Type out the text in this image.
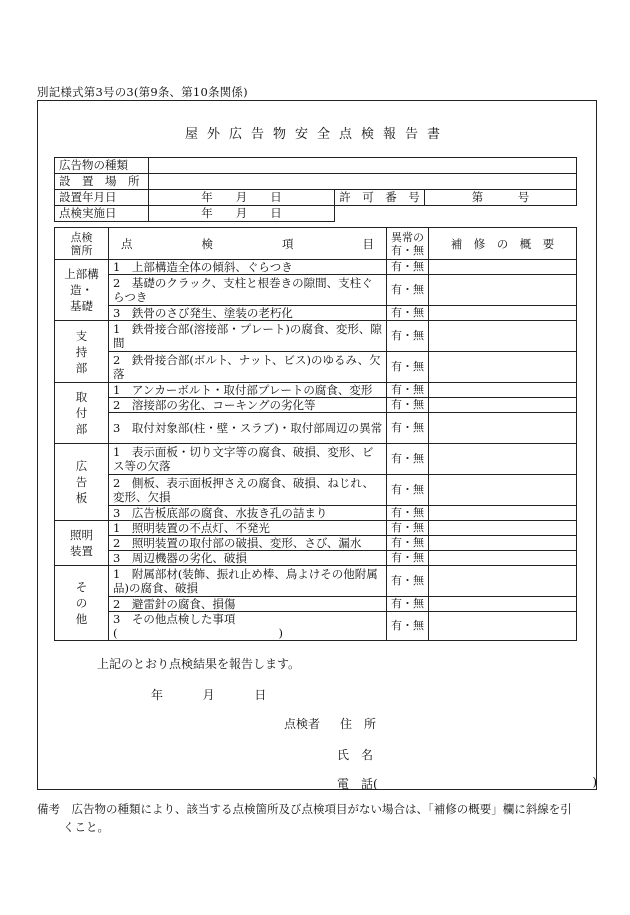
別記様式第3号の3(第9条、第10条関係)
屋外広告物安全点検報告書
広告物の種類			
設　置　場　所			
設置年月日	年　　月　　日	許　可　番　号	第　　　号
点検実施日	年　　月　　日		
点検
箇所	点　　　　　　検　　　　　　項　　　　　　目	異常の
有・無	補　修　の　概　要
上部構造・
基礎	1　上部構造全体の傾斜、ぐらつき	有・無	
	2　基礎のクラック、支柱と根巻きの隙間、支柱ぐらつき	有・無	
	3　鉄骨のさび発生、塗装の老朽化	有・無	
支
持
部	1　鉄骨接合部(溶接部・プレート)の腐食、変形、隙間	有・無	
	2　鉄骨接合部(ボルト、ナット、ビス)のゆるみ、欠落	有・無	
取
付
部	1　アンカーボルト・取付部プレートの腐食、変形	有・無	
	2　溶接部の劣化、コーキングの劣化等	有・無	
	3　取付対象部(柱・壁・スラブ)・取付部周辺の異常	有・無	
広
告
板	1　表示面板・切り文字等の腐食、破損、変形、ビス等の欠落	有・無	
	2　側板、表示面板押さえの腐食、破損、ねじれ、変形、欠損	有・無	
	3　広告板底部の腐食、水抜き孔の詰まり	有・無	
照明
装置	1　照明装置の不点灯、不発光	有・無	
	2　照明装置の取付部の破損、変形、さび、漏水	有・無	
	3　周辺機器の劣化、破損	有・無	
そ
の
他	1　附属部材(装飾、振れ止め棒、鳥よけその他附属品)の腐食、破損	有・無	
	2　避雷針の腐食、損傷	有・無	
	3　その他点検した事項(　　　　　　　　　　　　　　)	有・無	
上記のとおり点検結果を報告します。
年	月	日
点検者 住　所
氏　名
電　話(	)
備考　 広告物の種類により、該当する点検箇所及び点検項目がない場合は、「補修の概要」欄に斜線を引
くこと。
